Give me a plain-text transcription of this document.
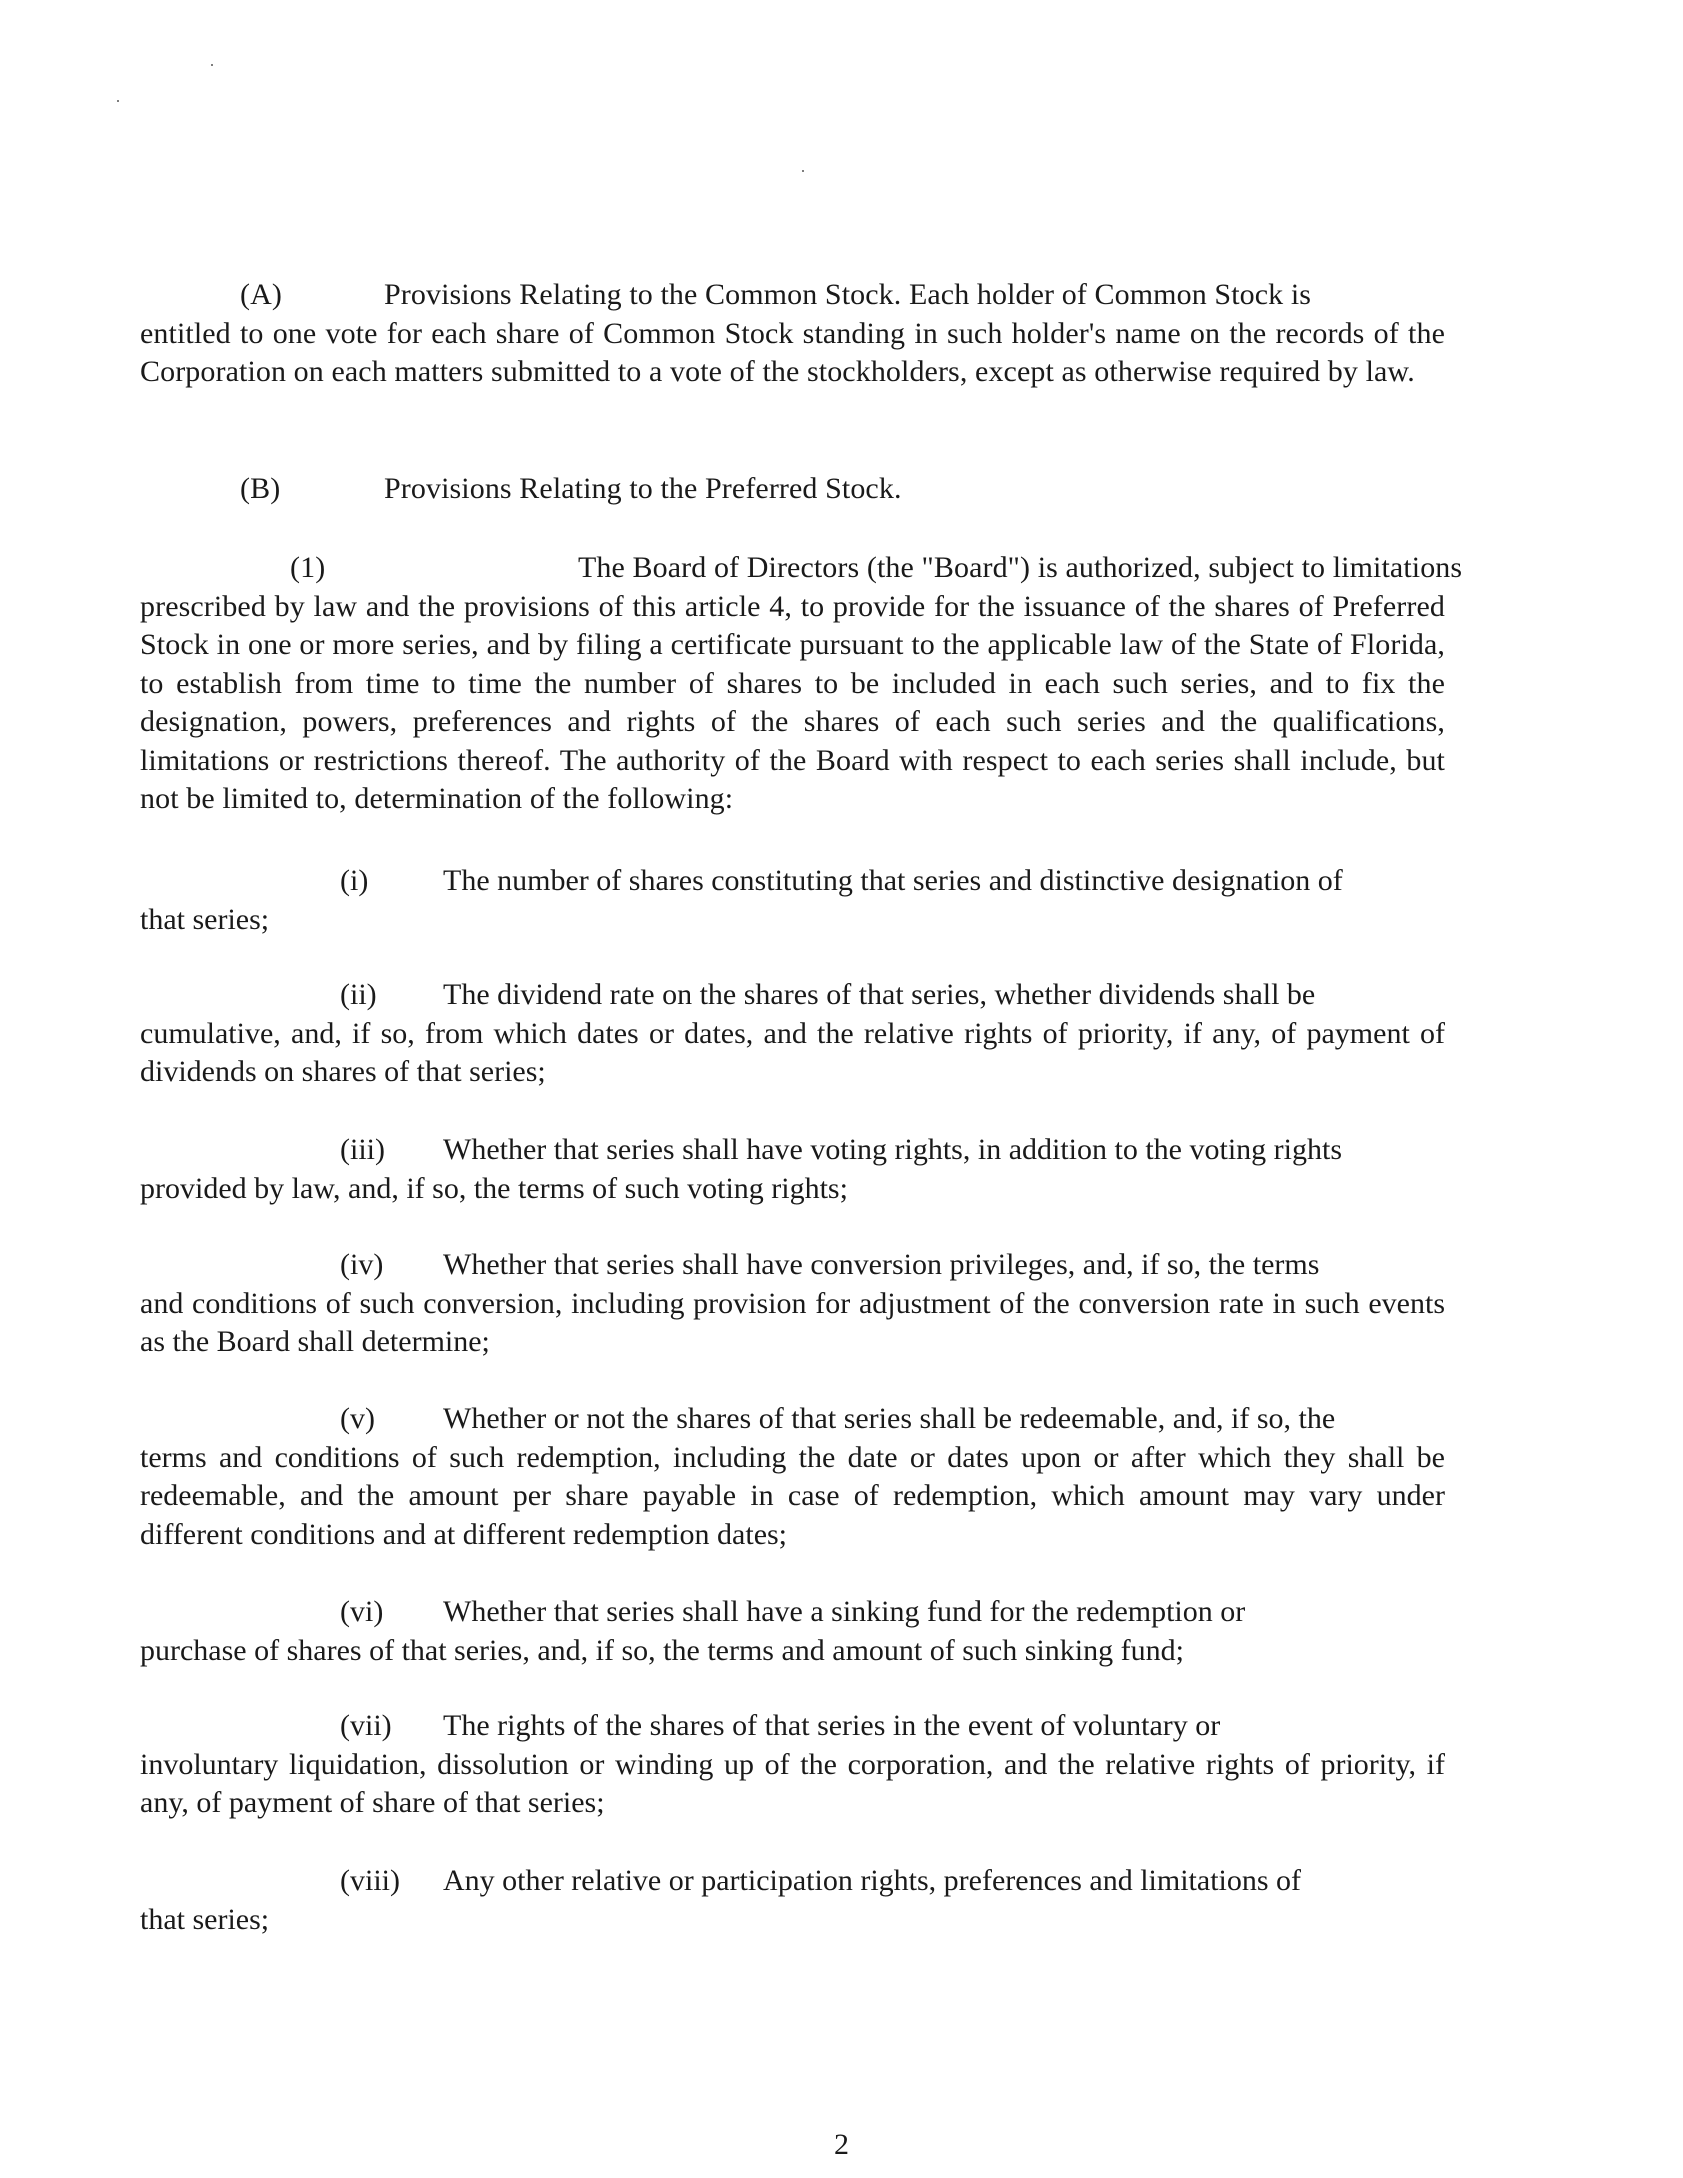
(A)	Provisions Relating to the Common Stock. Each holder of Common Stock is
entitled to one vote for each share of Common Stock standing in such holder's name on the records of the Corporation on each matters submitted to a vote of the stockholders, except as otherwise required by law.
(B)	Provisions Relating to the Preferred Stock.
(1)	The Board of Directors (the "Board") is authorized, subject to limitations
prescribed by law and the provisions of this article 4, to provide for the issuance of the shares of Preferred Stock in one or more series, and by filing a certificate pursuant to the applicable law of the State of Florida, to establish from time to time the number of shares to be included in each such series, and to fix the designation, powers, preferences and rights of the shares of each such series and the qualifications, limitations or restrictions thereof. The authority of the Board with respect to each series shall include, but not be limited to, determination of the following:
(i) The number of shares constituting that series and distinctive designation of
that series;
(ii) The dividend rate on the shares of that series, whether dividends shall be
cumulative, and, if so, from which dates or dates, and the relative rights of priority, if any, of payment of dividends on shares of that series;
(iii) Whether that series shall have voting rights, in addition to the voting rights
provided by law, and, if so, the terms of such voting rights;
(iv) Whether that series shall have conversion privileges, and, if so, the terms
and conditions of such conversion, including provision for adjustment of the conversion rate in such events as the Board shall determine;
(v) Whether or not the shares of that series shall be redeemable, and, if so, the
terms and conditions of such redemption, including the date or dates upon or after which they shall be redeemable, and the amount per share payable in case of redemption, which amount may vary under different conditions and at different redemption dates;
(vi) Whether that series shall have a sinking fund for the redemption or
purchase of shares of that series, and, if so, the terms and amount of such sinking fund;
(vii) The rights of the shares of that series in the event of voluntary or
involuntary liquidation, dissolution or winding up of the corporation, and the relative rights of priority, if any, of payment of share of that series;
(viii) Any other relative or participation rights, preferences and limitations of
that series;
2
